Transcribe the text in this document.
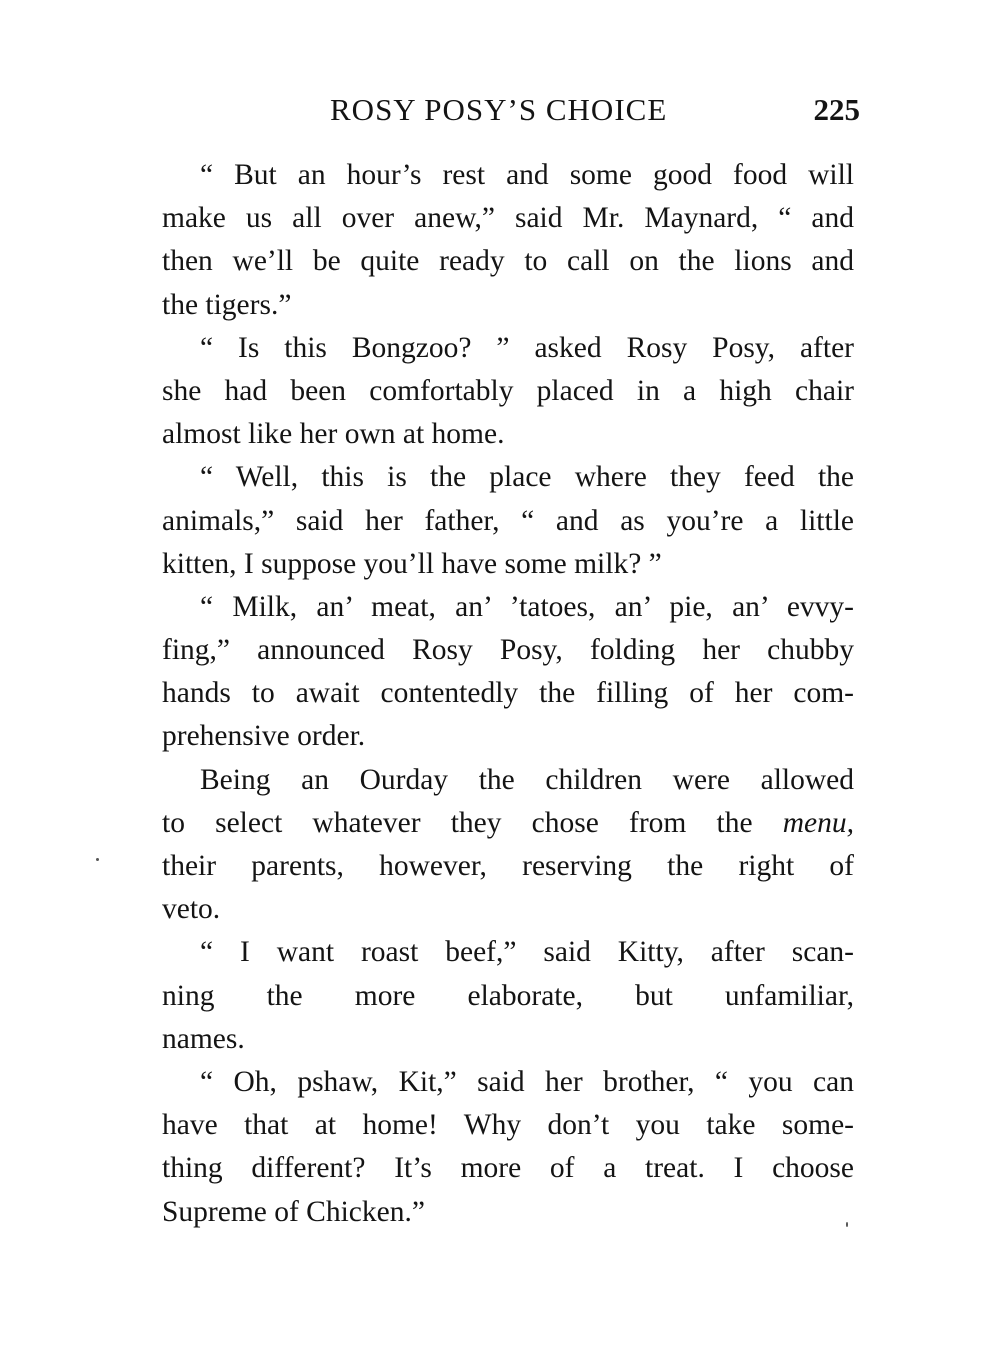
ROSY POSY’S CHOICE	225
“ But an hour’s rest and some good food will
make us all over anew,” said Mr. Maynard, “ and
then we’ll be quite ready to call on the lions and
the tigers.”
“ Is this Bongzoo? ” asked Rosy Posy, after
she had been comfortably placed in a high chair
almost like her own at home.
“ Well, this is the place where they feed the
animals,” said her father, “ and as you’re a little
kitten, I suppose you’ll have some milk? ”
“ Milk, an’ meat, an’ ’tatoes, an’ pie, an’ evvy-
fing,” announced Rosy Posy, folding her chubby
hands to await contentedly the filling of her com-
prehensive order.
Being an Ourday the children were allowed
to select whatever they chose from the menu,
their parents, however, reserving the right of
veto.
“ I want roast beef,” said Kitty, after scan-
ning the more elaborate, but unfamiliar,
names.
“ Oh, pshaw, Kit,” said her brother, “ you can
have that at home! Why don’t you take some-
thing different? It’s more of a treat. I choose
Supreme of Chicken.”
